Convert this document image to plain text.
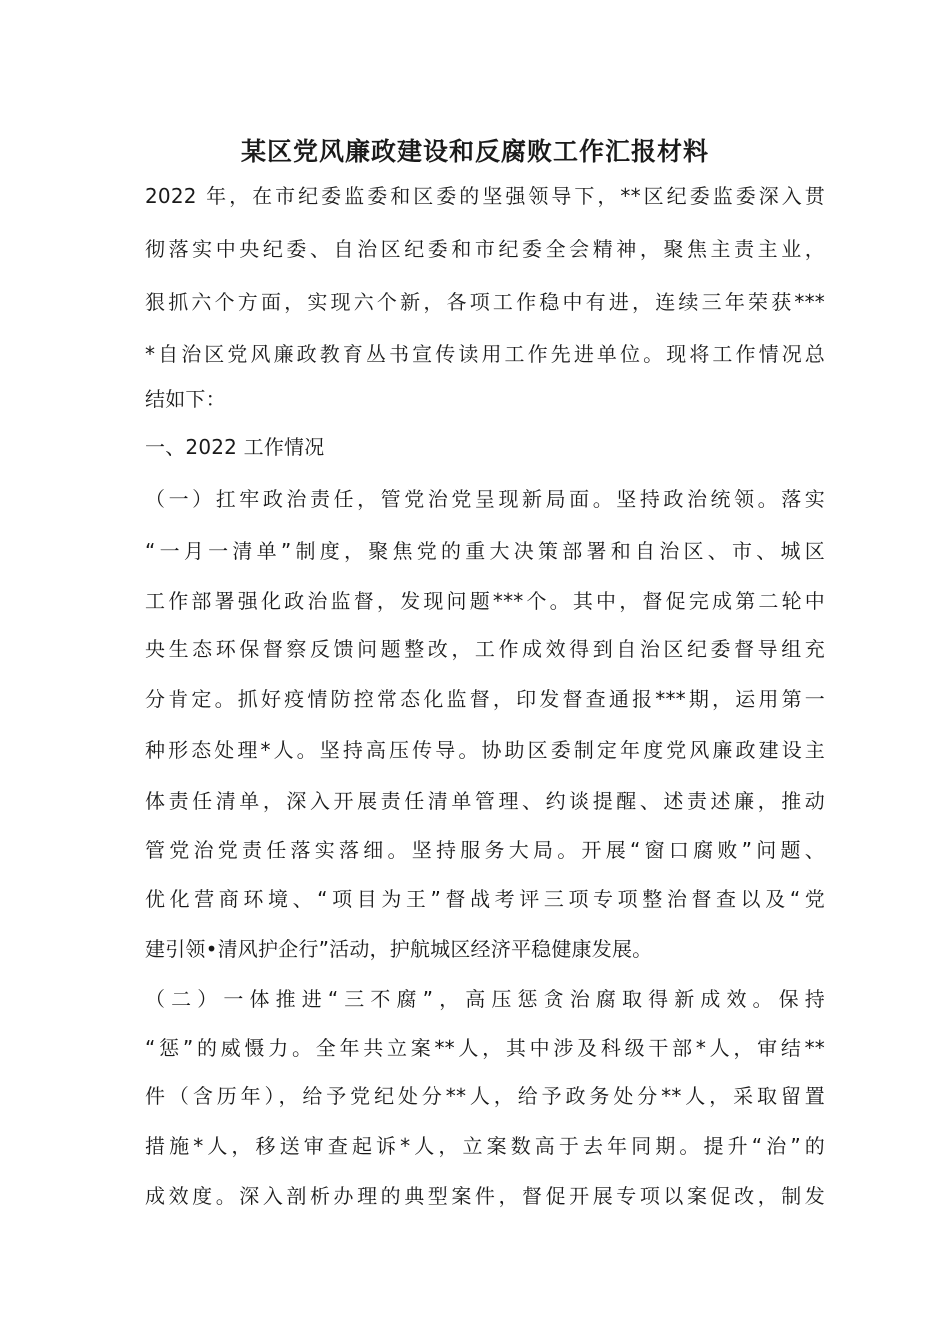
某区党风廉政建设和反腐败工作汇报材料
2022 年，在市纪委监委和区委的坚强领导下，**区纪委监委深入贯
彻落实中央纪委、自治区纪委和市纪委全会精神，聚焦主责主业，
狠抓六个方面，实现六个新，各项工作稳中有进，连续三年荣获***
*自治区党风廉政教育丛书宣传读用工作先进单位。现将工作情况总
结如下：
一、2022 工作情况
（一）扛牢政治责任，管党治党呈现新局面。坚持政治统领。落实
“一月一清单”制度，聚焦党的重大决策部署和自治区、市、城区
工作部署强化政治监督，发现问题***个。其中，督促完成第二轮中
央生态环保督察反馈问题整改，工作成效得到自治区纪委督导组充
分肯定。抓好疫情防控常态化监督，印发督查通报***期，运用第一
种形态处理*人。坚持高压传导。协助区委制定年度党风廉政建设主
体责任清单，深入开展责任清单管理、约谈提醒、述责述廉，推动
管党治党责任落实落细。坚持服务大局。开展“窗口腐败”问题、
优化营商环境、“项目为王”督战考评三项专项整治督查以及“党
建引领•清风护企行”活动，护航城区经济平稳健康发展。
（二）一体推进“三不腐”，高压惩贪治腐取得新成效。保持
“惩”的威慑力。全年共立案**人，其中涉及科级干部*人，审结**
件（含历年），给予党纪处分**人，给予政务处分**人，采取留置
措施*人，移送审查起诉*人，立案数高于去年同期。提升“治”的
成效度。深入剖析办理的典型案件，督促开展专项以案促改，制发
